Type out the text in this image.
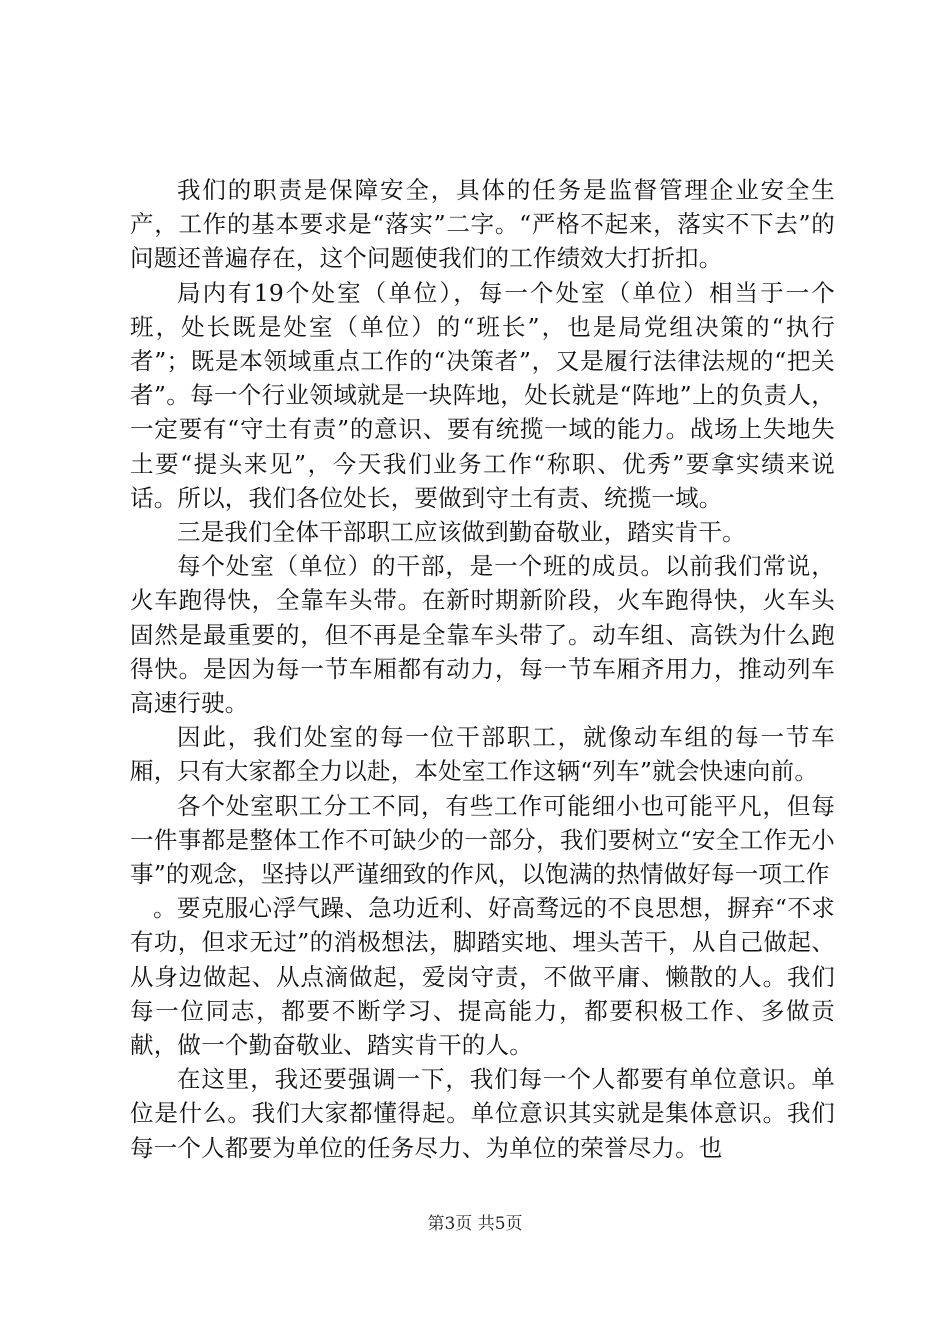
我们的职责是保障安全，具体的任务是监督管理企业安全生产，工作的基本要求是“落实”二字。“严格不起来，落实不下去”的问题还普遍存在，这个问题使我们的工作绩效大打折扣。

局内有19个处室（单位），每一个处室（单位）相当于一个班，处长既是处室（单位）的“班长”，也是局党组决策的“执行者”；既是本领域重点工作的“决策者”，又是履行法律法规的“把关者”。每一个行业领域就是一块阵地，处长就是“阵地”上的负责人，一定要有“守土有责”的意识、要有统揽一域的能力。战场上失地失土要“提头来见”，今天我们业务工作“称职、优秀”要拿实绩来说话。所以，我们各位处长，要做到守土有责、统揽一域。

三是我们全体干部职工应该做到勤奋敬业，踏实肯干。

每个处室（单位）的干部，是一个班的成员。以前我们常说，火车跑得快，全靠车头带。在新时期新阶段，火车跑得快，火车头固然是最重要的，但不再是全靠车头带了。动车组、高铁为什么跑得快。是因为每一节车厢都有动力，每一节车厢齐用力，推动列车高速行驶。

因此，我们处室的每一位干部职工，就像动车组的每一节车厢，只有大家都全力以赴，本处室工作这辆“列车”就会快速向前。

各个处室职工分工不同，有些工作可能细小也可能平凡，但每一件事都是整体工作不可缺少的一部分，我们要树立“安全工作无小事”的观念，坚持以严谨细致的作风，以饱满的热情做好每一项工作

。要克服心浮气躁、急功近利、好高骛远的不良思想，摒弃“不求有功，但求无过”的消极想法，脚踏实地、埋头苦干，从自己做起、从身边做起、从点滴做起，爱岗守责，不做平庸、懒散的人。我们每一位同志，都要不断学习、提高能力，都要积极工作、多做贡献，做一个勤奋敬业、踏实肯干的人。

在这里，我还要强调一下，我们每一个人都要有单位意识。单位是什么。我们大家都懂得起。单位意识其实就是集体意识。我们每一个人都要为单位的任务尽力、为单位的荣誉尽力。也

第3页 共5页
